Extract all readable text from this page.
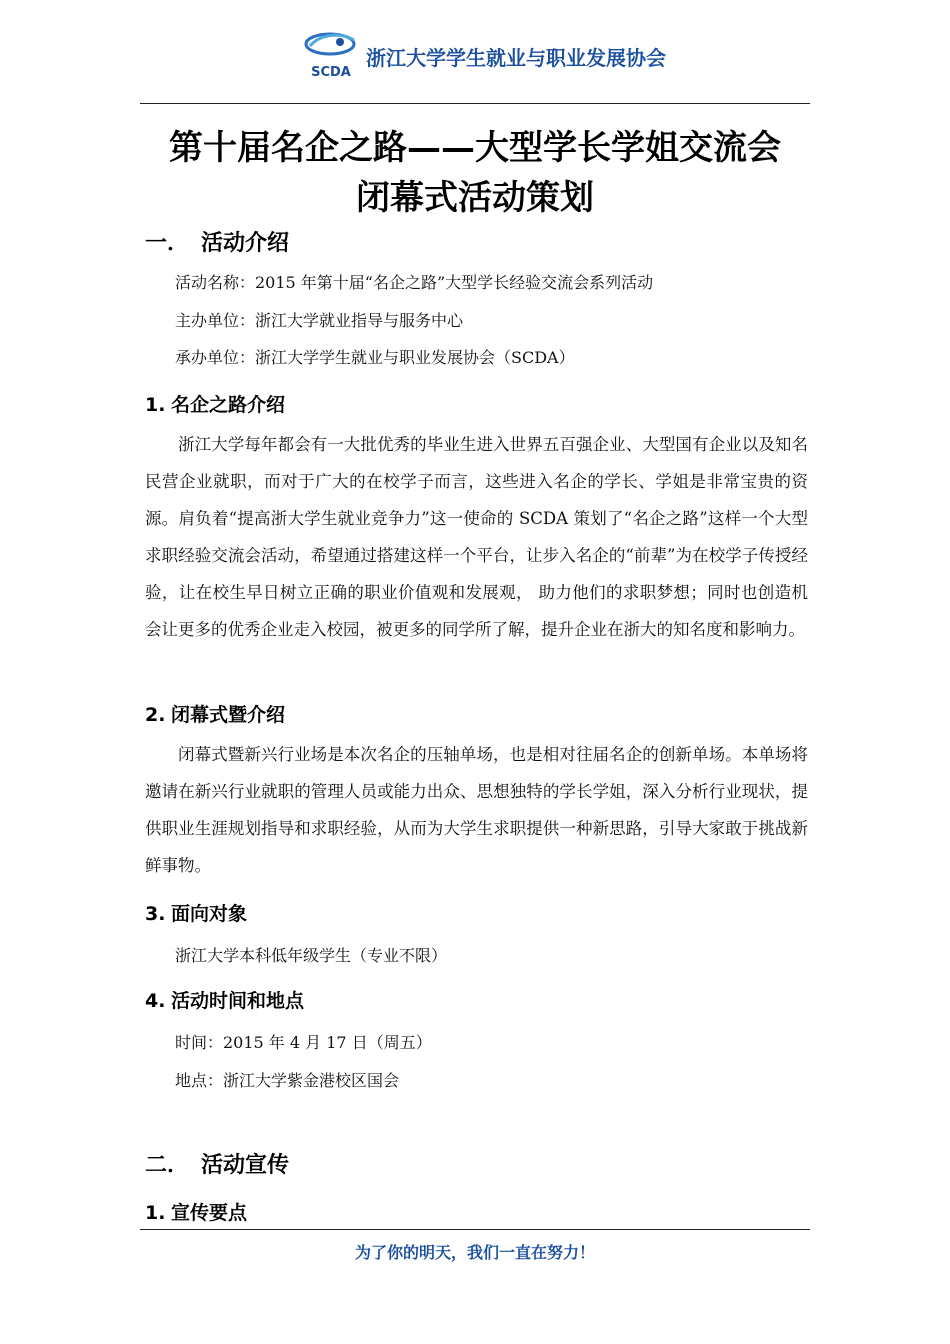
SCDA
浙江大学学生就业与职业发展协会
第十届名企之路——大型学长学姐交流会
闭幕式活动策划
一． 活动介绍
活动名称：2015 年第十届“名企之路”大型学长经验交流会系列活动
主办单位：浙江大学就业指导与服务中心
承办单位：浙江大学学生就业与职业发展协会（SCDA）
1. 名企之路介绍
浙江大学每年都会有一大批优秀的毕业生进入世界五百强企业、大型国有企业以及知名民营企业就职，而对于广大的在校学子而言，这些进入名企的学长、学姐是非常宝贵的资源。肩负着“提高浙大学生就业竞争力”这一使命的 SCDA 策划了“名企之路”这样一个大型求职经验交流会活动，希望通过搭建这样一个平台，让步入名企的“前辈”为在校学子传授经验，让在校生早日树立正确的职业价值观和发展观， 助力他们的求职梦想；同时也创造机会让更多的优秀企业走入校园，被更多的同学所了解，提升企业在浙大的知名度和影响力。
2. 闭幕式暨介绍
闭幕式暨新兴行业场是本次名企的压轴单场，也是相对往届名企的创新单场。本单场将邀请在新兴行业就职的管理人员或能力出众、思想独特的学长学姐，深入分析行业现状，提供职业生涯规划指导和求职经验，从而为大学生求职提供一种新思路，引导大家敢于挑战新鲜事物。
3. 面向对象
浙江大学本科低年级学生（专业不限）
4. 活动时间和地点
时间：2015 年 4 月 17 日（周五）
地点：浙江大学紫金港校区国会
二． 活动宣传
1. 宣传要点
为了你的明天，我们一直在努力！
